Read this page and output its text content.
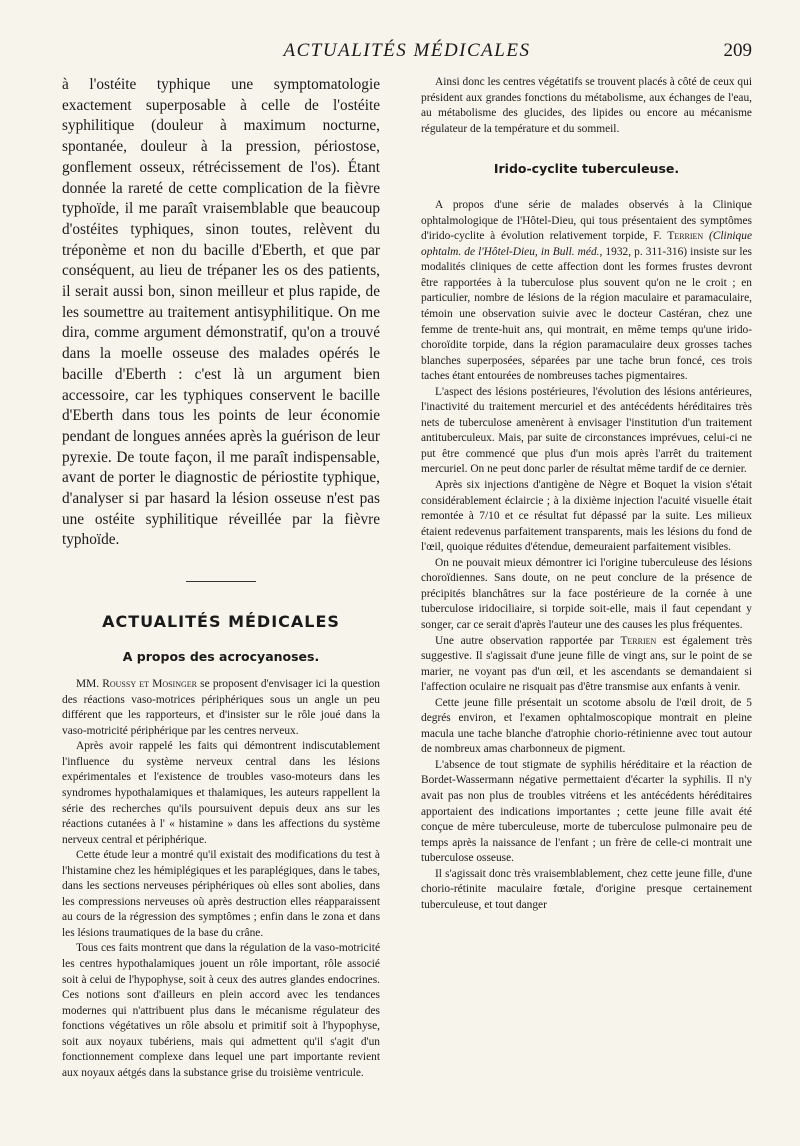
ACTUALITÉS MÉDICALES	209

à l'ostéite typhique une symptomatologie exactement superposable à celle de l'ostéite syphilitique (douleur à maximum nocturne, spontanée, douleur à la pression, périostose, gonflement osseux, rétrécissement de l'os). Étant donnée la rareté de cette complication de la fièvre typhoïde, il me paraît vraisemblable que beaucoup d'ostéites typhiques, sinon toutes, relèvent du tréponème et non du bacille d'Eberth, et que par conséquent, au lieu de trépaner les os des patients, il serait aussi bon, sinon meilleur et plus rapide, de les soumettre au traitement antisyphilitique. On me dira, comme argument démonstratif, qu'on a trouvé dans la moelle osseuse des malades opérés le bacille d'Eberth : c'est là un argument bien accessoire, car les typhiques conservent le bacille d'Eberth dans tous les points de leur économie pendant de longues années après la guérison de leur pyrexie. De toute façon, il me paraît indispensable, avant de porter le diagnostic de périostite typhique, d'analyser si par hasard la lésion osseuse n'est pas une ostéite syphilitique réveillée par la fièvre typhoïde.

ACTUALITÉS MÉDICALES
A propos des acrocyanoses.

MM. Roussy et Mosinger se proposent d'envisager ici la question des réactions vaso-motrices périphériques sous un angle un peu différent que les rapporteurs, et d'insister sur le rôle joué dans la vaso-motricité périphérique par les centres nerveux.

Après avoir rappelé les faits qui démontrent indiscutablement l'influence du système nerveux central dans les lésions expérimentales et l'existence de troubles vaso-moteurs dans les syndromes hypothalamiques et thalamiques, les auteurs rappellent la série des recherches qu'ils poursuivent depuis deux ans sur les réactions cutanées à l' « histamine » dans les affections du système nerveux central et périphérique.

Cette étude leur a montré qu'il existait des modifications du test à l'histamine chez les hémiplégiques et les paraplégiques, dans le tabes, dans les sections nerveuses périphériques où elles sont abolies, dans les compressions nerveuses où après destruction elles réapparaissent au cours de la régression des symptômes ; enfin dans le zona et dans les lésions traumatiques de la base du crâne.

Tous ces faits montrent que dans la régulation de la vaso-motricité les centres hypothalamiques jouent un rôle important, rôle associé soit à celui de l'hypophyse, soit à ceux des autres glandes endocrines. Ces notions sont d'ailleurs en plein accord avec les tendances modernes qui n'attribuent plus dans le mécanisme régulateur des fonctions végétatives un rôle absolu et primitif soit à l'hypophyse, soit aux noyaux tubériens, mais qui admettent qu'il s'agit d'un fonctionnement complexe dans lequel une part importante revient aux noyaux aétgés dans la substance grise du troisième ventricule.

Ainsi donc les centres végétatifs se trouvent placés à côté de ceux qui président aux grandes fonctions du métabolisme, aux échanges de l'eau, au métabolisme des glucides, des lipides ou encore au mécanisme régulateur de la température et du sommeil.

Irido-cyclite tuberculeuse.

A propos d'une série de malades observés à la Clinique ophtalmologique de l'Hôtel-Dieu, qui tous présentaient des symptômes d'irido-cyclite à évolution relativement torpide, F. Terrien (Clinique ophtalm. de l'Hôtel-Dieu, in Bull. méd., 1932, p. 311-316) insiste sur les modalités cliniques de cette affection dont les formes frustes devront être rapportées à la tuberculose plus souvent qu'on ne le croit ; en particulier, nombre de lésions de la région maculaire et paramaculaire, témoin une observation suivie avec le docteur Castéran, chez une femme de trente-huit ans, qui montrait, en même temps qu'une irido-choroïdite torpide, dans la région paramaculaire deux grosses taches blanches superposées, séparées par une tache brun foncé, ces trois taches étant entourées de nombreuses taches pigmentaires.

L'aspect des lésions postérieures, l'évolution des lésions antérieures, l'inactivité du traitement mercuriel et des antécédents héréditaires très nets de tuberculose amenèrent à envisager l'institution d'un traitement antituberculeux. Mais, par suite de circonstances imprévues, celui-ci ne put être commencé que plus d'un mois après l'arrêt du traitement mercuriel. On ne peut donc parler de résultat même tardif de ce dernier.

Après six injections d'antigène de Nègre et Boquet la vision s'était considérablement éclaircie ; à la dixième injection l'acuité visuelle était remontée à 7/10 et ce résultat fut dépassé par la suite. Les milieux étaient redevenus parfaitement transparents, mais les lésions du fond de l'œil, quoique réduites d'étendue, demeuraient parfaitement visibles.

On ne pouvait mieux démontrer ici l'origine tuberculeuse des lésions choroïdiennes. Sans doute, on ne peut conclure de la présence de précipités blanchâtres sur la face postérieure de la cornée à une tuberculose iridociliaire, si torpide soit-elle, mais il faut cependant y songer, car ce serait d'après l'auteur une des causes les plus fréquentes.

Une autre observation rapportée par Terrien est également très suggestive. Il s'agissait d'une jeune fille de vingt ans, sur le point de se marier, ne voyant pas d'un œil, et les ascendants se demandaient si l'affection oculaire ne risquait pas d'être transmise aux enfants à venir.

Cette jeune fille présentait un scotome absolu de l'œil droit, de 5 degrés environ, et l'examen ophtalmoscopique montrait en pleine macula une tache blanche d'atrophie chorio-rétinienne avec tout autour de nombreux amas charbonneux de pigment.

L'absence de tout stigmate de syphilis héréditaire et la réaction de Bordet-Wassermann négative permettaient d'écarter la syphilis. Il n'y avait pas non plus de troubles vitréens et les antécédents héréditaires apportaient des indications importantes ; cette jeune fille avait été conçue de mère tuberculeuse, morte de tuberculose pulmonaire peu de temps après la naissance de l'enfant ; un frère de celle-ci montrait une tuberculose osseuse.

Il s'agissait donc très vraisemblablement, chez cette jeune fille, d'une chorio-rétinite maculaire fœtale, d'origine presque certainement tuberculeuse, et tout danger
